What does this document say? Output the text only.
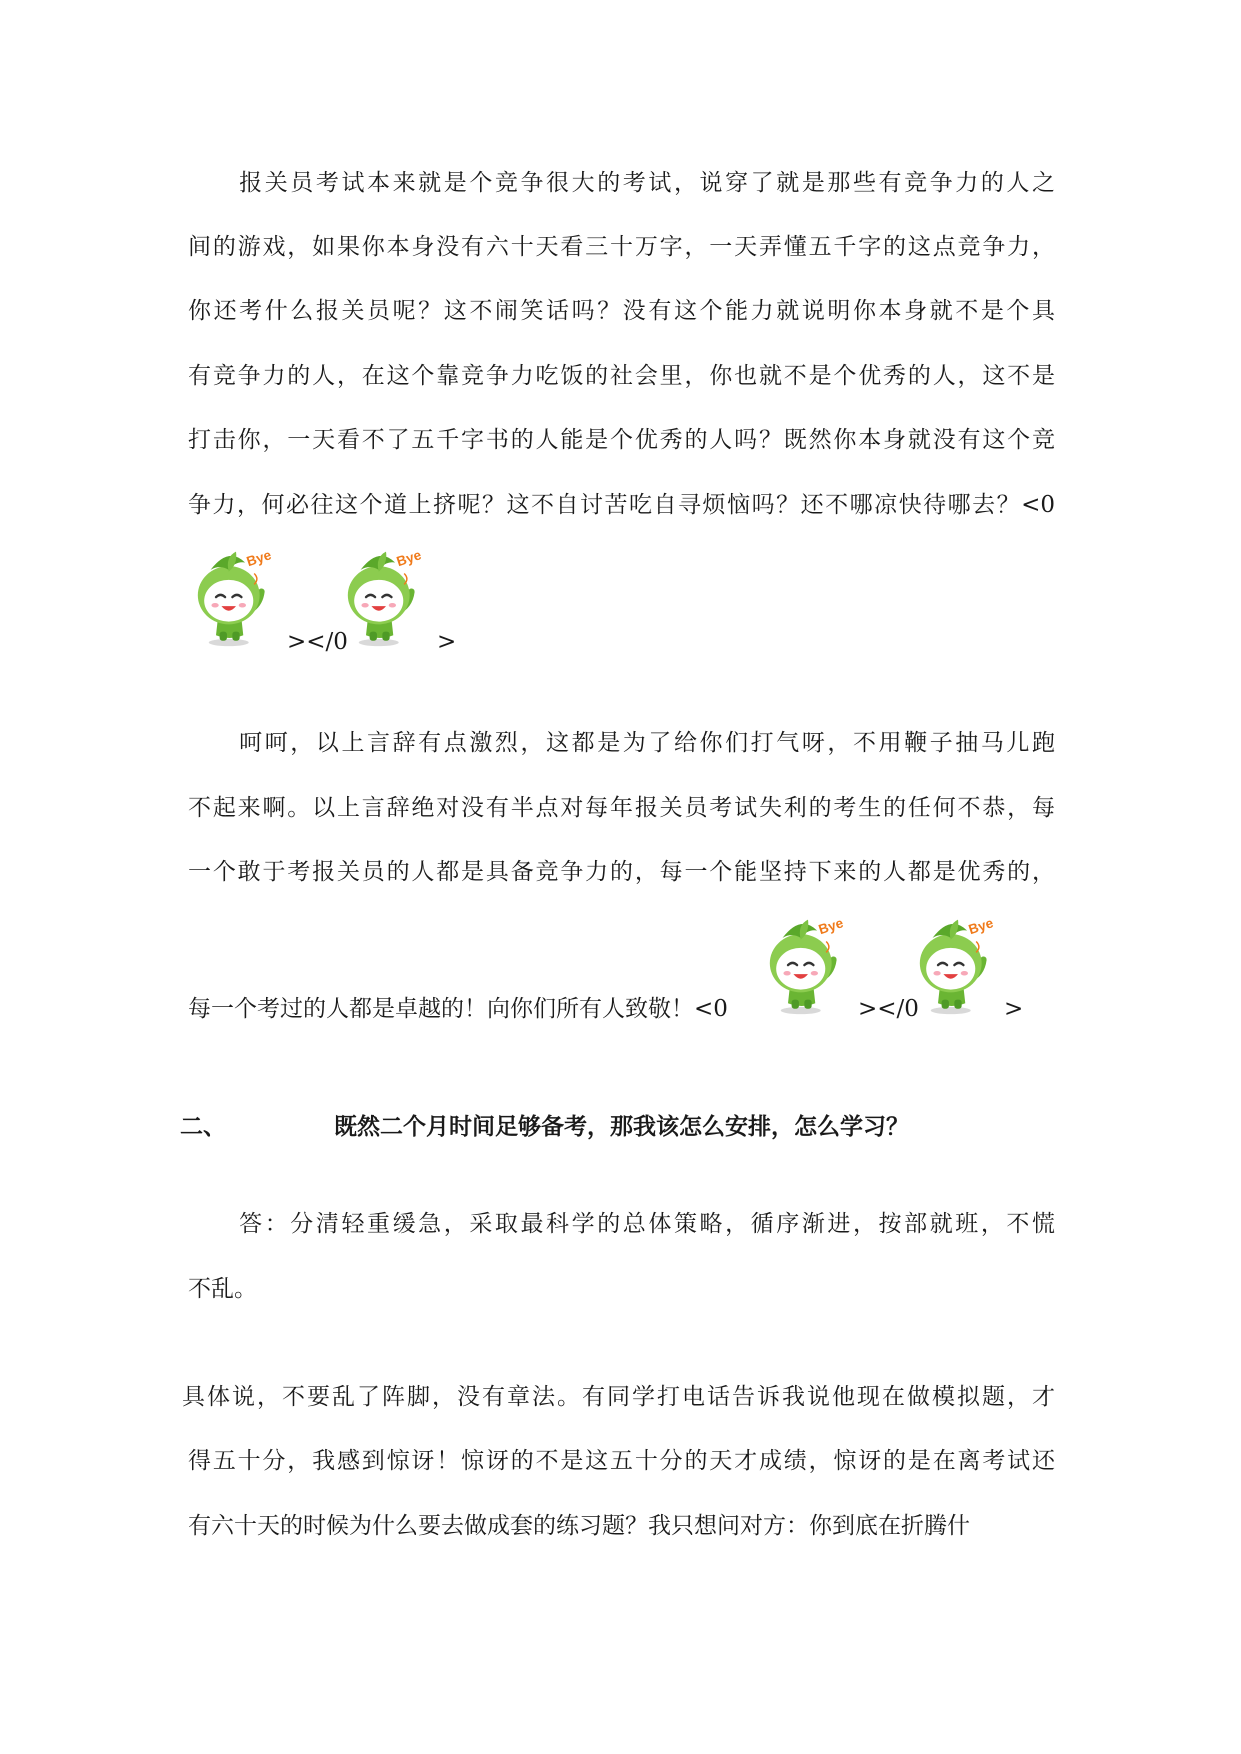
　　报关员考试本来就是个竞争很大的考试，说穿了就是那些有竞争力的人之
间的游戏，如果你本身没有六十天看三十万字，一天弄懂五千字的这点竞争力，
你还考什么报关员呢？这不闹笑话吗？没有这个能力就说明你本身就不是个具
有竞争力的人，在这个靠竞争力吃饭的社会里，你也就不是个优秀的人，这不是
打击你，一天看不了五千字书的人能是个优秀的人吗？既然你本身就没有这个竞
争力，何必往这个道上挤呢？这不自讨苦吃自寻烦恼吗？还不哪凉快待哪去？<0
></0	>
　　呵呵，以上言辞有点激烈，这都是为了给你们打气呀，不用鞭子抽马儿跑
不起来啊。以上言辞绝对没有半点对每年报关员考试失利的考生的任何不恭，每
一个敢于考报关员的人都是具备竞争力的，每一个能坚持下来的人都是优秀的，
每一个考过的人都是卓越的！向你们所有人致敬！<0	></0	>
二、	既然二个月时间足够备考，那我该怎么安排，怎么学习？
　　答：分清轻重缓急，采取最科学的总体策略，循序渐进，按部就班，不慌
不乱。
具体说，不要乱了阵脚，没有章法。有同学打电话告诉我说他现在做模拟题，才
得五十分，我感到惊讶！惊讶的不是这五十分的天才成绩，惊讶的是在离考试还
有六十天的时候为什么要去做成套的练习题？我只想问对方：你到底在折腾什
